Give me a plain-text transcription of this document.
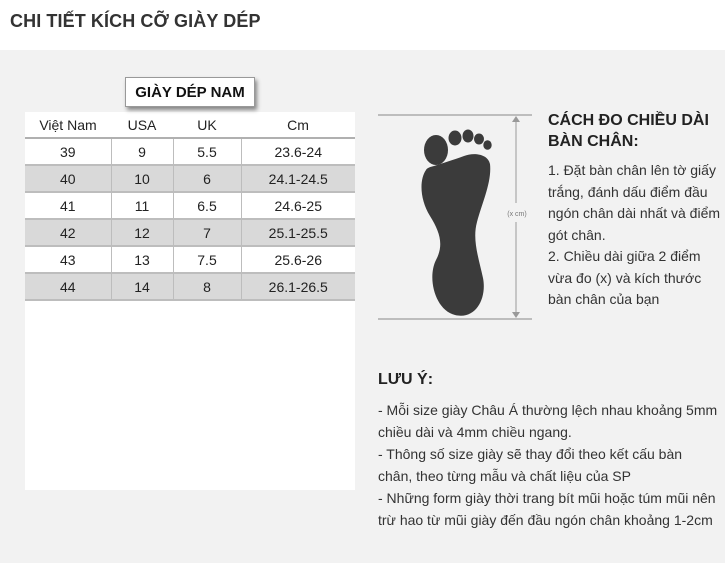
CHI TIẾT KÍCH CỠ GIÀY DÉP
Việt Nam	USA	UK	Cm
39	9	5.5	23.6-24
40	10	6	24.1-24.5
41	11	6.5	24.6-25
42	12	7	25.1-25.5
43	13	7.5	25.6-26
44	14	8	26.1-26.5
GIÀY DÉP NAM
(x cm)
CÁCH ĐO CHIỀU DÀI BÀN CHÂN:

1. Đặt bàn chân lên tờ giấy trắng, đánh dấu điểm đầu ngón chân dài nhất và điểm gót chân.

2. Chiều dài giữa 2 điểm vừa đo (x) và kích thước bàn chân của bạn

LƯU Ý:

- Mỗi size giày Châu Á thường lệch nhau khoảng 5mm chiều dài và 4mm chiều ngang.

- Thông số size giày sẽ thay đổi theo kết cấu bàn chân, theo từng mẫu và chất liệu của SP

- Những form giày thời trang bít mũi hoặc túm mũi nên trừ hao từ mũi giày đến đầu ngón chân khoảng 1-2cm
